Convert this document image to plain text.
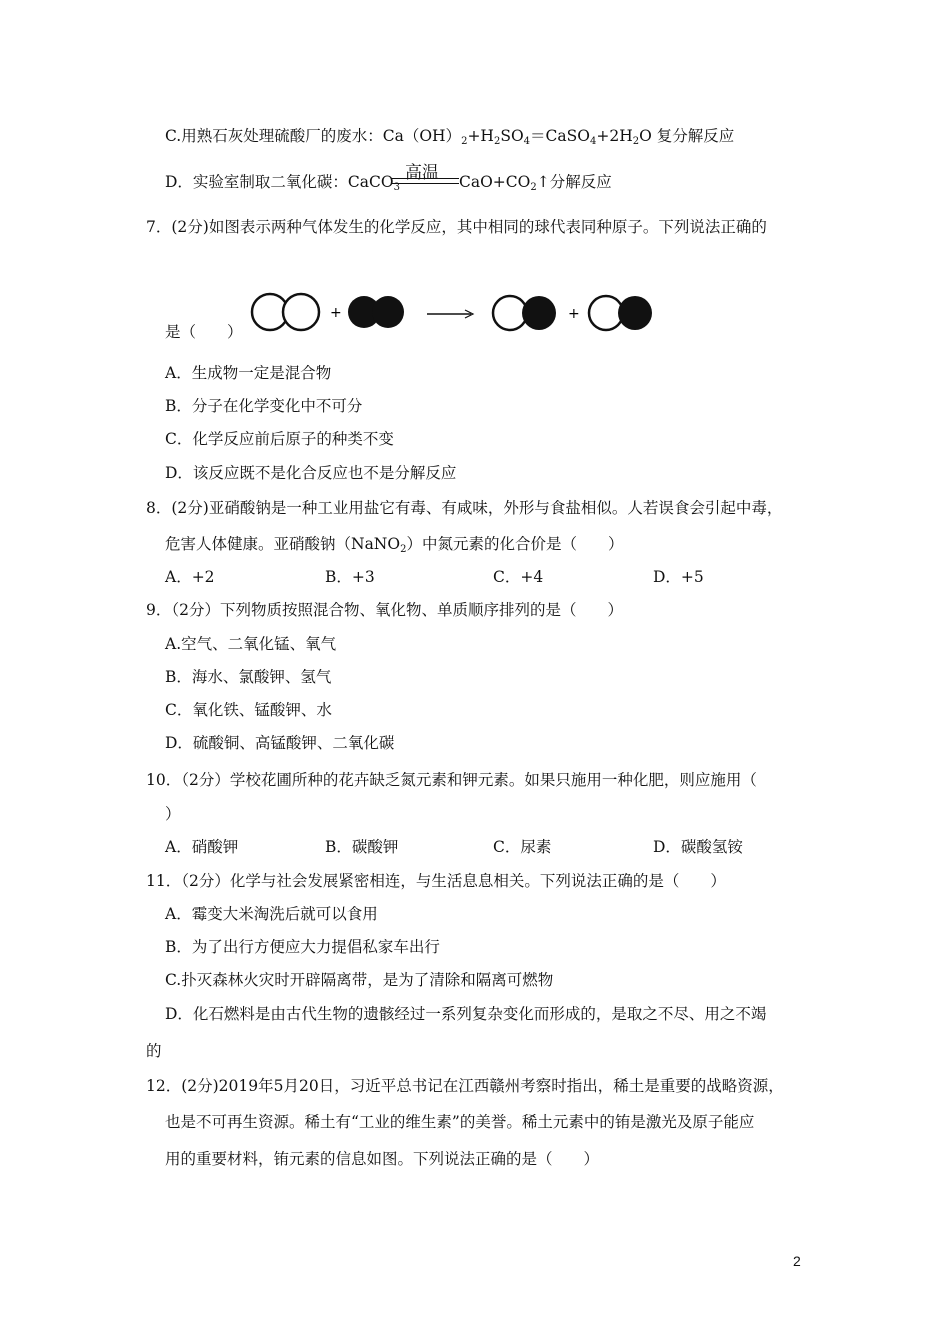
C.用熟石灰处理硫酸厂的废水：$Ca(OH)_2+H_2SO_4=CaSO_4+2H_2O$ 复分解反应
D．实验室制取二氧化碳：CaCO$_3$
高温 $CaO+CO_2↑$分解反应
7．(2分)如图表示两种气体发生的化学反应，其中相同的球代表同种原子。下列说法正确的
+	+
是（　　）
A．生成物一定是混合物
B．分子在化学变化中不可分
C．化学反应前后原子的种类不变
D．该反应既不是化合反应也不是分解反应
8．(2分)亚硝酸钠是一种工业用盐它有毒、有咸味，外形与食盐相似。人若误食会引起中毒，
危害人体健康。亚硝酸钠（NaNO$_2$）中氮元素的化合价是（　　）
A．+2	B．+3	C．+4	D．+5
9．（2分）下列物质按照混合物、氧化物、单质顺序排列的是（　　）
A.空气、二氧化锰、氧气
B．海水、氯酸钾、氢气
C．氧化铁、锰酸钾、水
D．硫酸铜、高锰酸钾、二氧化碳
10．（2分）学校花圃所种的花卉缺乏氮元素和钾元素。如果只施用一种化肥，则应施用（
）
A．硝酸钾	B．碳酸钾	C．尿素	D．碳酸氢铵
11．（2分）化学与社会发展紧密相连，与生活息息相关。下列说法正确的是（　　）
A．霉变大米淘洗后就可以食用
B．为了出行方便应大力提倡私家车出行
C.扑灭森林火灾时开辟隔离带，是为了清除和隔离可燃物
D．化石燃料是由古代生物的遗骸经过一系列复杂变化而形成的，是取之不尽、用之不竭
的
12．(2分)2019年5月20日，习近平总书记在江西赣州考察时指出，稀土是重要的战略资源，
也是不可再生资源。稀土有“工业的维生素”的美誉。稀土元素中的铕是激光及原子能应
用的重要材料，铕元素的信息如图。下列说法正确的是（　　）
2
